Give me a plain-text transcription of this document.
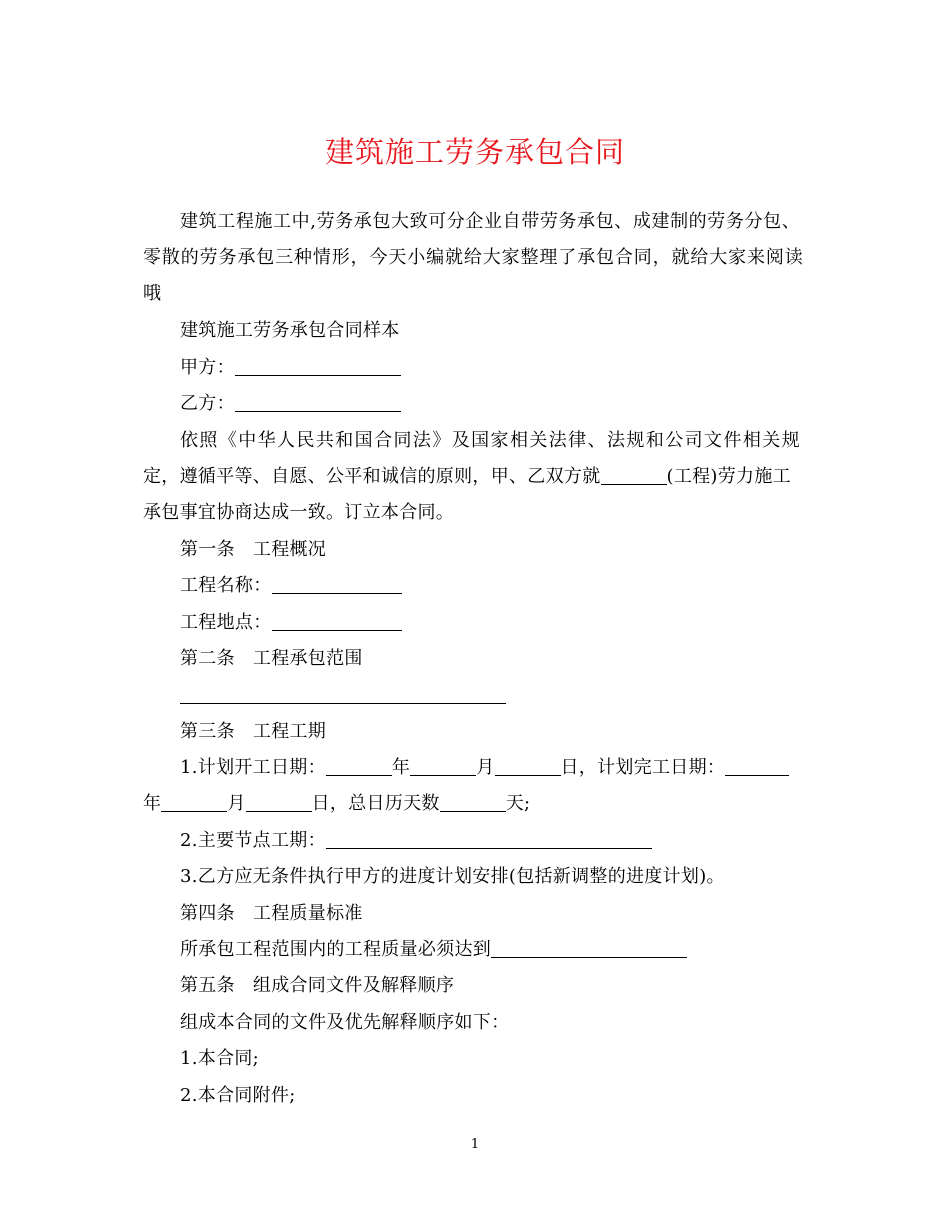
建筑施工劳务承包合同
建筑工程施工中,劳务承包大致可分企业自带劳务承包、成建制的劳务分包、
零散的劳务承包三种情形，今天小编就给大家整理了承包合同，就给大家来阅读
哦
建筑施工劳务承包合同样本
甲方：
乙方：
依照《中华人民共和国合同法》及国家相关法律、法规和公司文件相关规
定，遵循平等、自愿、公平和诚信的原则，甲、乙双方就	(工程)劳力施工
承包事宜协商达成一致。订立本合同。
第一条 工程概况
工程名称：
工程地点：
第二条 工程承包范围
第三条 工程工期
1.计划开工日期：	年	月	日，计划完工日期：
年	月	日，总日历天数	天;
2.主要节点工期：
3.乙方应无条件执行甲方的进度计划安排(包括新调整的进度计划)。
第四条 工程质量标准
所承包工程范围内的工程质量必须达到
第五条 组成合同文件及解释顺序
组成本合同的文件及优先解释顺序如下：
1.本合同;
2.本合同附件;
1
